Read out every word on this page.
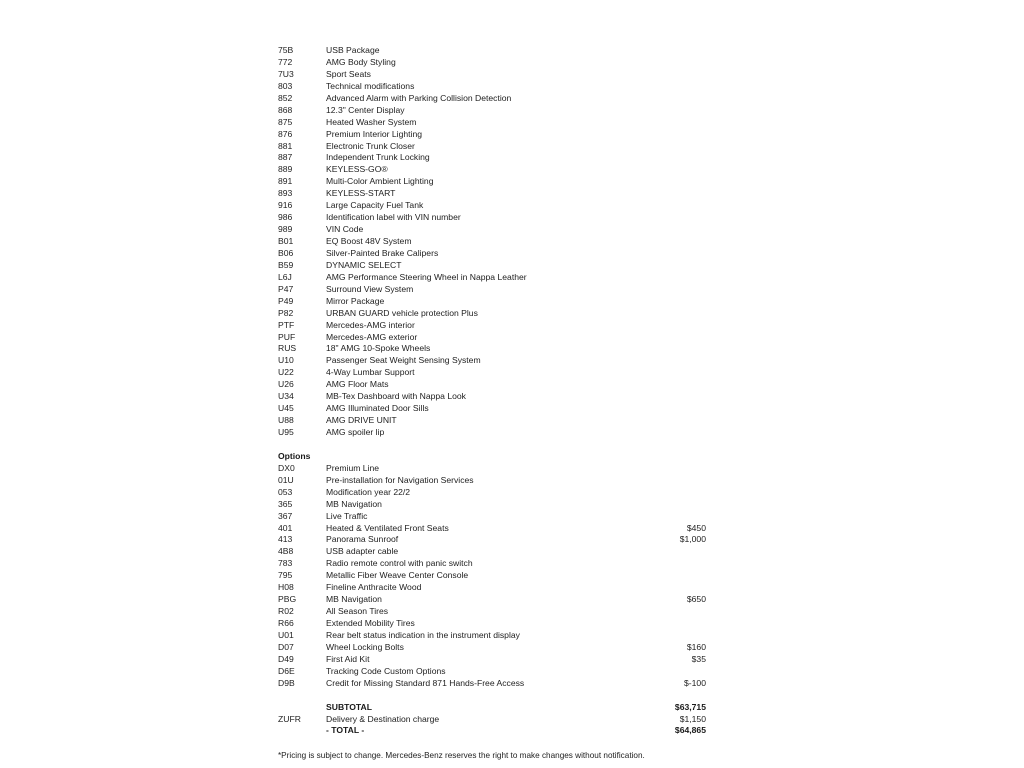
75B	USB Package
772	AMG Body Styling
7U3	Sport Seats
803	Technical modifications
852	Advanced Alarm with Parking Collision Detection
868	12.3" Center Display
875	Heated Washer System
876	Premium Interior Lighting
881	Electronic Trunk Closer
887	Independent Trunk Locking
889	KEYLESS-GO®
891	Multi-Color Ambient Lighting
893	KEYLESS-START
916	Large Capacity Fuel Tank
986	Identification label with VIN number
989	VIN Code
B01	EQ Boost 48V System
B06	Silver-Painted Brake Calipers
B59	DYNAMIC SELECT
L6J	AMG Performance Steering Wheel in Nappa Leather
P47	Surround View System
P49	Mirror Package
P82	URBAN GUARD vehicle protection Plus
PTF	Mercedes-AMG interior
PUF	Mercedes-AMG exterior
RUS	18" AMG 10-Spoke Wheels
U10	Passenger Seat Weight Sensing System
U22	4-Way Lumbar Support
U26	AMG Floor Mats
U34	MB-Tex Dashboard with Nappa Look
U45	AMG Illuminated Door Sills
U88	AMG DRIVE UNIT
U95	AMG spoiler lip
Options
DX0	Premium Line
01U	Pre-installation for Navigation Services
053	Modification year 22/2
365	MB Navigation
367	Live Traffic
401	Heated & Ventilated Front Seats	$450
413	Panorama Sunroof	$1,000
4B8	USB adapter cable
783	Radio remote control with panic switch
795	Metallic Fiber Weave Center Console
H08	Fineline Anthracite Wood
PBG	MB Navigation	$650
R02	All Season Tires
R66	Extended Mobility Tires
U01	Rear belt status indication in the instrument display
D07	Wheel Locking Bolts	$160
D49	First Aid Kit	$35
D6E	Tracking Code Custom Options
D9B	Credit for Missing Standard 871 Hands-Free Access	$-100
SUBTOTAL	$63,715
ZUFR	Delivery & Destination charge	$1,150
- TOTAL -	$64,865
*Pricing is subject to change. Mercedes-Benz reserves the right to make changes without notification.
